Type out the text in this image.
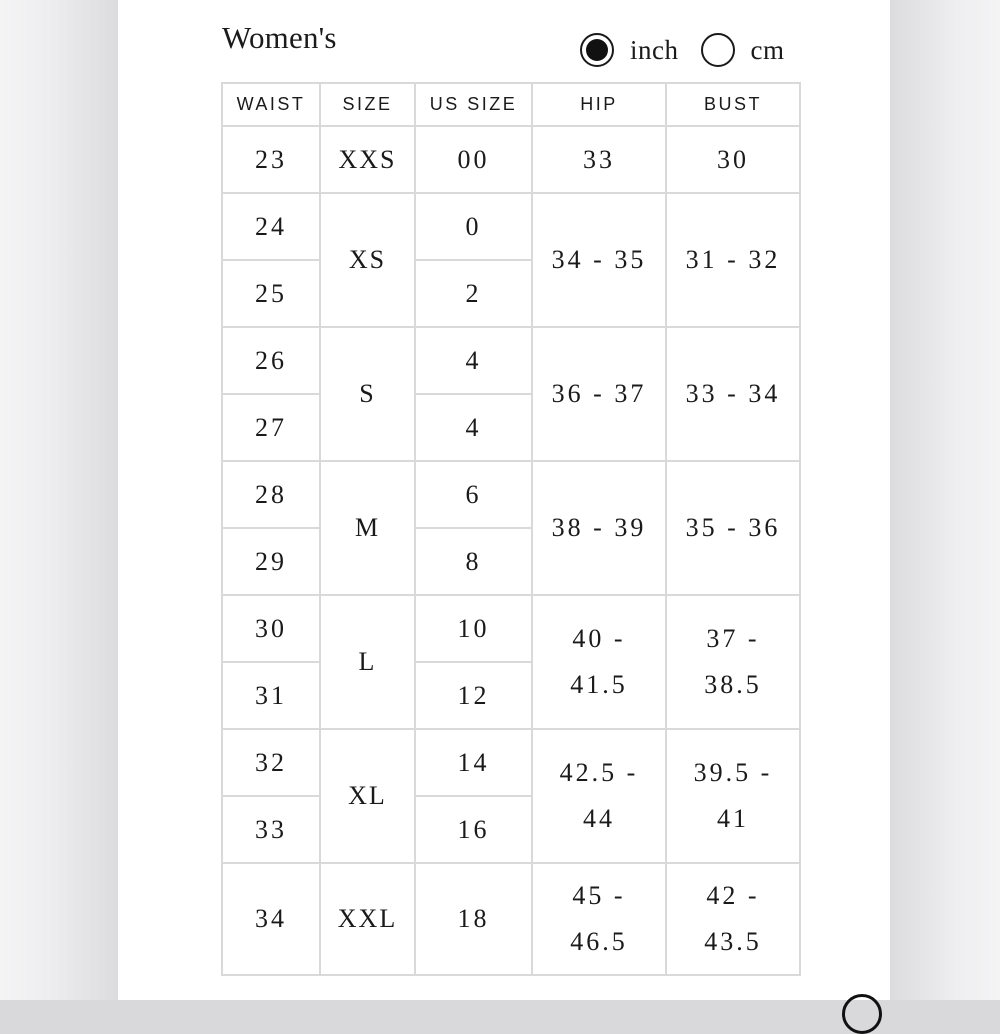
Women's	inch	cm
WAIST	SIZE	US SIZE	HIP	BUST
23	XXS	00	33	30
24	XS	0	34 - 35	31 - 32
25		2		
26	S	4	36 - 37	33 - 34
27		4		
28	M	6	38 - 39	35 - 36
29		8		
30	L	10	40 - 41.5	37 - 38.5

31		12		
32	XL	14	42.5 - 44	39.5 - 41

33		16		
34	XXL	18	45 - 46.5	42 - 43.5
